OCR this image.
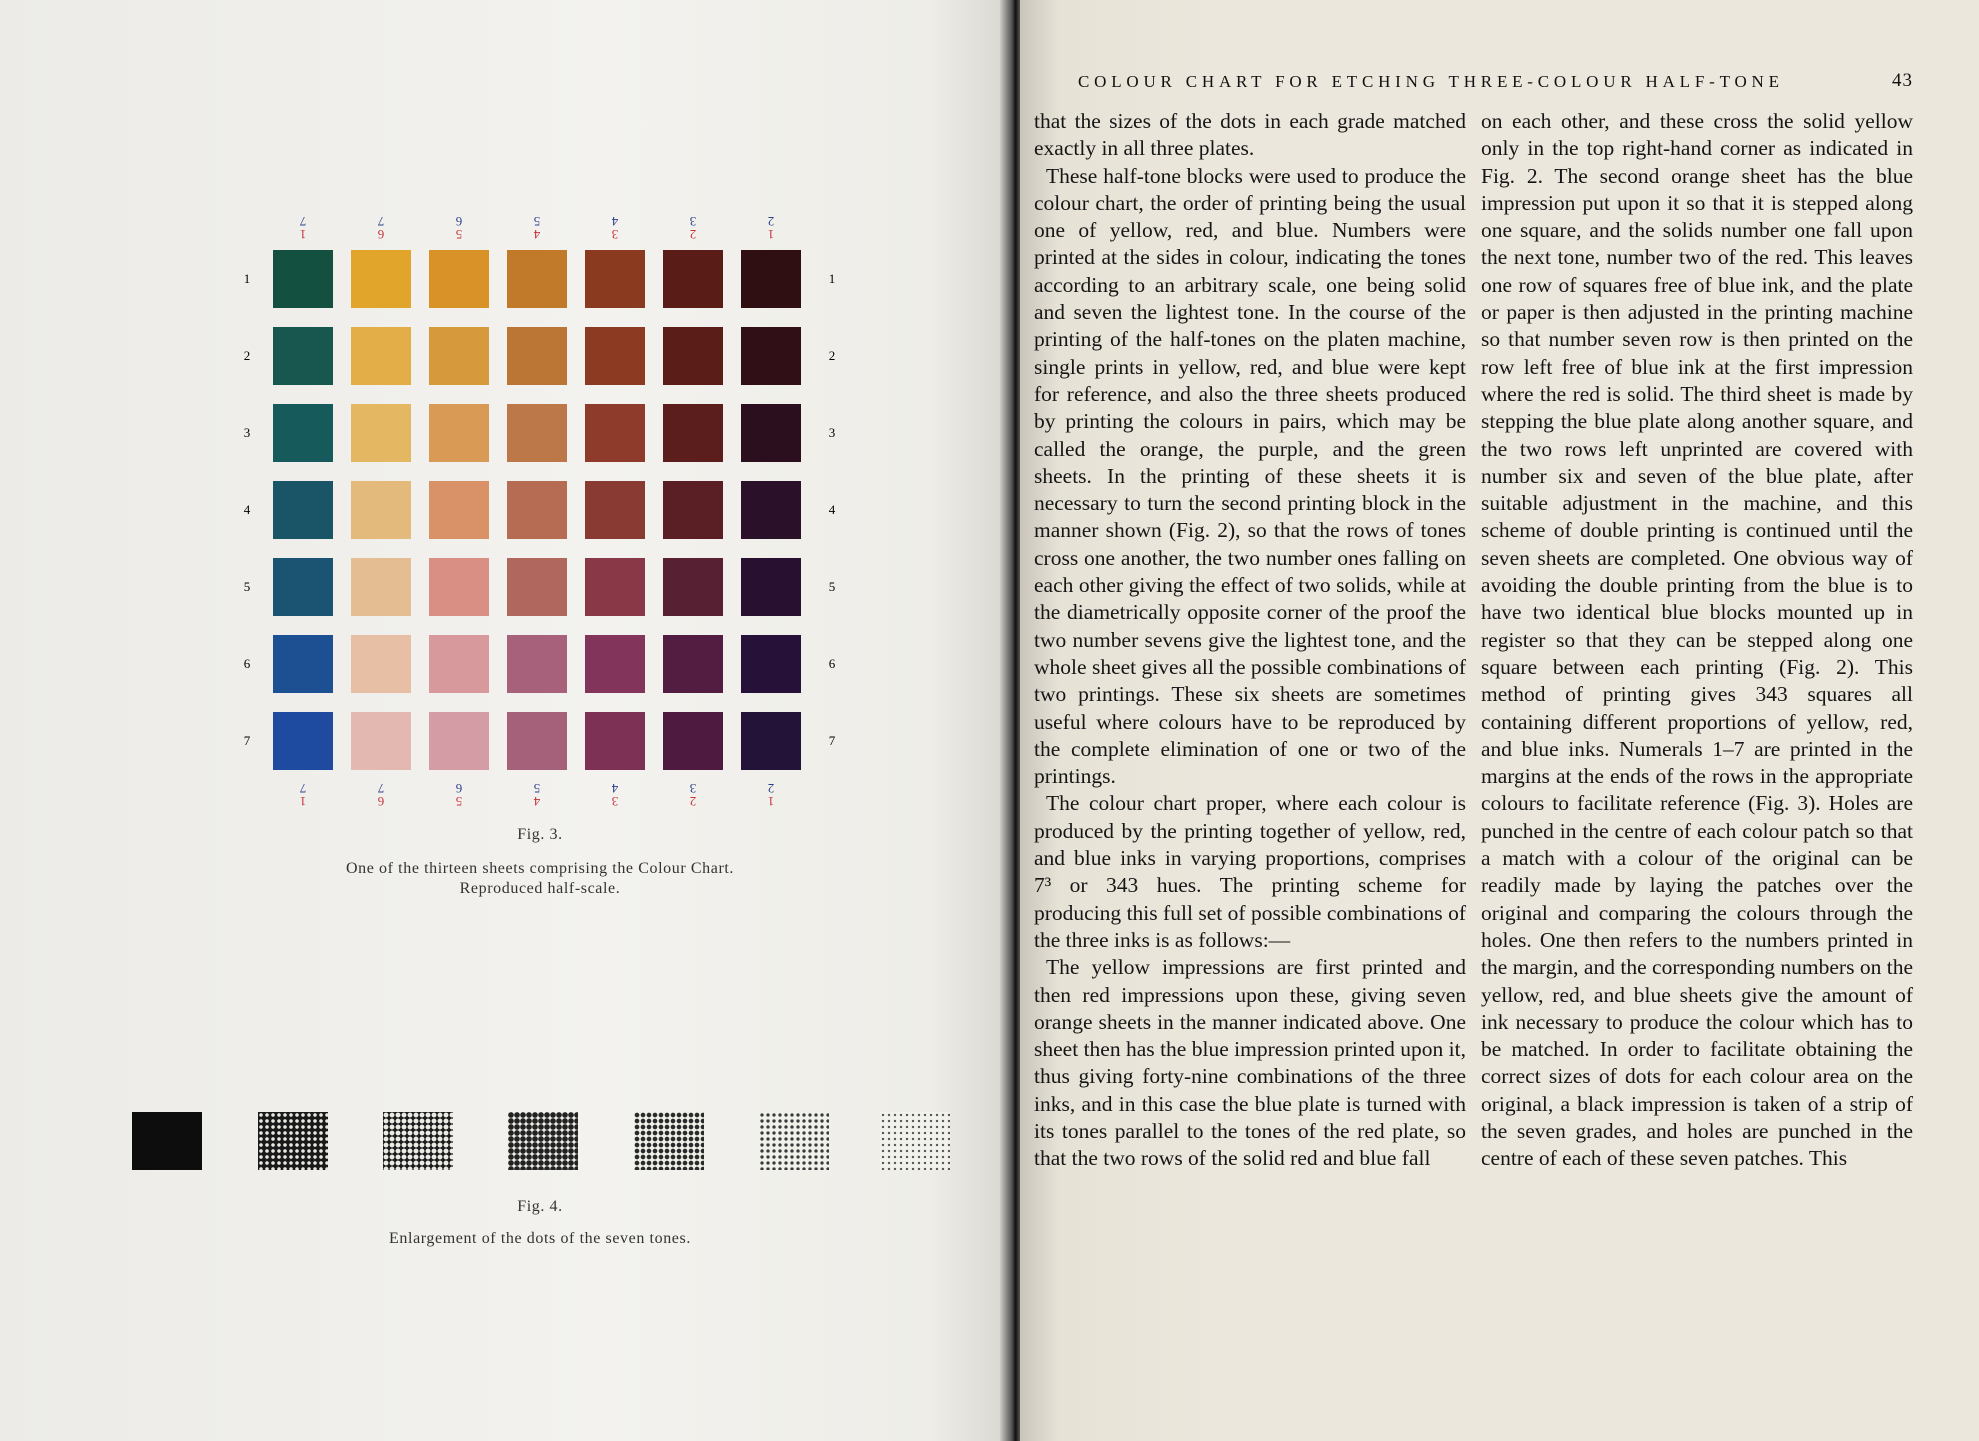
1
7
1
7
6
7
6
7
5
6
5
6
4
5
4
5
3
4
3
4
2
3
2
3
1
2
1
2
1	1
2	2
3	3
4	4
5	5
6	6
7	7
Fig. 3.
One of the thirteen sheets comprising the Colour Chart.
Reproduced half-scale.
Fig. 4.
Enlargement of the dots of the seven tones.
COLOUR CHART FOR ETCHING THREE-COLOUR HALF-TONE	43

that the sizes of the dots in each grade matched exactly in all three plates.

These half-tone blocks were used to produce the colour chart, the order of printing being the usual one of yellow, red, and blue. Numbers were printed at the sides in colour, indicating the tones according to an arbitrary scale, one being solid and seven the lightest tone. In the course of the printing of the half-tones on the platen machine, single prints in yellow, red, and blue were kept for reference, and also the three sheets produced by printing the colours in pairs, which may be called the orange, the purple, and the green sheets. In the printing of these sheets it is necessary to turn the second printing block in the manner shown (Fig. 2), so that the rows of tones cross one another, the two number ones falling on each other giving the effect of two solids, while at the diametrically opposite corner of the proof the two number sevens give the lightest tone, and the whole sheet gives all the possible combinations of two printings. These six sheets are sometimes useful where colours have to be reproduced by the complete elimination of one or two of the printings.

The colour chart proper, where each colour is produced by the printing together of yellow, red, and blue inks in varying proportions, comprises 7³ or 343 hues. The printing scheme for producing this full set of possible combinations of the three inks is as follows:—

The yellow impressions are first printed and then red impressions upon these, giving seven orange sheets in the manner indicated above. One sheet then has the blue impression printed upon it, thus giving forty-nine combinations of the three inks, and in this case the blue plate is turned with its tones parallel to the tones of the red plate, so that the two rows of the solid red and blue fall

on each other, and these cross the solid yellow only in the top right-hand corner as indicated in Fig. 2. The second orange sheet has the blue impression put upon it so that it is stepped along one square, and the solids number one fall upon the next tone, number two of the red. This leaves one row of squares free of blue ink, and the plate or paper is then adjusted in the printing machine so that number seven row is then printed on the row left free of blue ink at the first impression where the red is solid. The third sheet is made by stepping the blue plate along another square, and the two rows left unprinted are covered with number six and seven of the blue plate, after suitable adjustment in the machine, and this scheme of double printing is continued until the seven sheets are completed. One obvious way of avoiding the double printing from the blue is to have two identical blue blocks mounted up in register so that they can be stepped along one square between each printing (Fig. 2). This method of printing gives 343 squares all containing different proportions of yellow, red, and blue inks. Numerals 1–7 are printed in the margins at the ends of the rows in the appropriate colours to facilitate reference (Fig. 3). Holes are punched in the centre of each colour patch so that a match with a colour of the original can be readily made by laying the patches over the original and comparing the colours through the holes. One then refers to the numbers printed in the margin, and the corresponding numbers on the yellow, red, and blue sheets give the amount of ink necessary to produce the colour which has to be matched. In order to facilitate obtaining the correct sizes of dots for each colour area on the original, a black impression is taken of a strip of the seven grades, and holes are punched in the centre of each of these seven patches. This
